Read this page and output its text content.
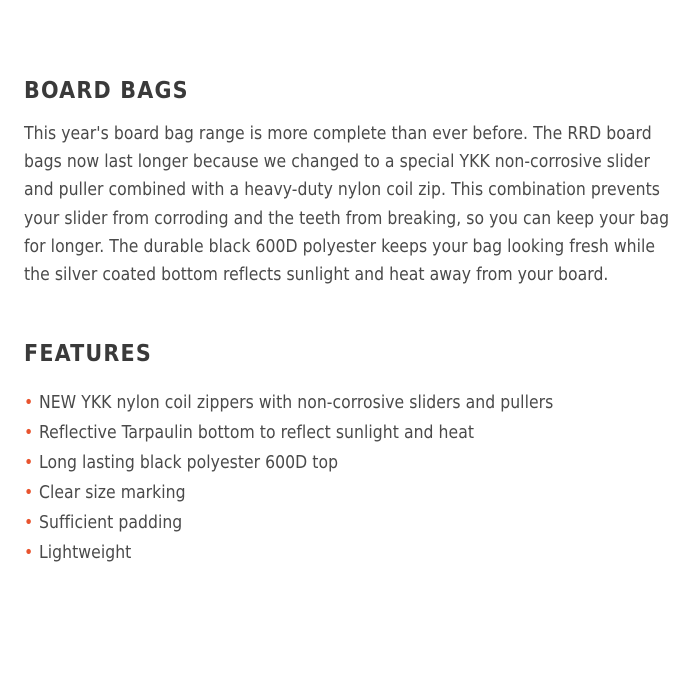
BOARD BAGS

This year's board bag range is more complete than ever before. The RRD board bags now last longer because we changed to a special YKK non-corrosive slider and puller combined with a heavy-duty nylon coil zip. This combination prevents your slider from corroding and the teeth from breaking, so you can keep your bag for longer. The durable black 600D polyester keeps your bag looking fresh while the silver coated bottom reflects sunlight and heat away from your board.

FEATURES
• NEW YKK nylon coil zippers with non-corrosive sliders and pullers
• Reflective Tarpaulin bottom to reflect sunlight and heat
• Long lasting black polyester 600D top
• Clear size marking
• Sufficient padding
• Lightweight
